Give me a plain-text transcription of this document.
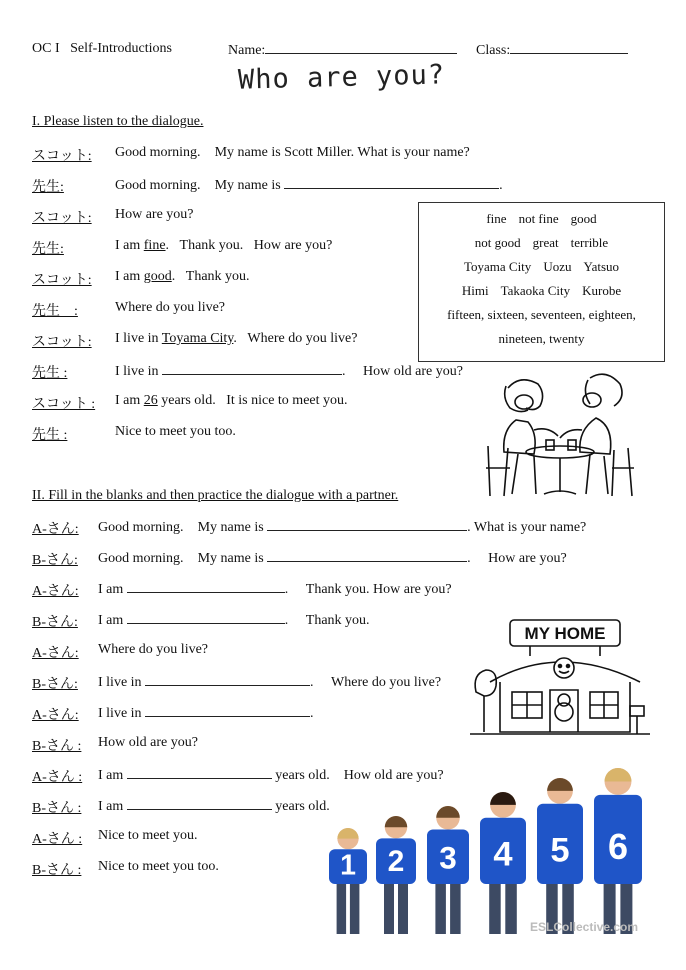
OC I Self-Introductions	Name:	Class:
Who are you?
I. Please listen to the dialogue.
スコット: Good morning. My name is Scott Miller. What is your name?
先生:	Good morning. My name is	.
スコット: How are you?
先生:	I am fine. Thank you. How are you?
スコット: I am good. Thank you.
先生　:	Where do you live?
スコット: I live in Toyama City. Where do you live?
先生 :	I live in	. How old are you?
スコット : I am 26 years old. It is nice to meet you.
先生 :	Nice to meet you too.
fine not fine good
not good great terrible
Toyama City Uozu Yatsuo
Himi Takaoka City Kurobe
fifteen, sixteen, seventeen, eighteen,
nineteen, twenty
II. Fill in the blanks and then practice the dialogue with a partner.
A-さん: Good morning. My name is	. What is your name?
B-さん: Good morning. My name is	. How are you?
A-さん: I am	. Thank you. How are you?
B-さん: I am	. Thank you.
A-さん: Where do you live?
B-さん: I live in	. Where do you live?
A-さん: I live in	.
B-さん : How old are you?
A-さん : I am	years old. How old are you?
B-さん : I am	years old.
A-さん : Nice to meet you.
B-さん : Nice to meet you too.
MY HOME
1 2 3 4 5 6
ESLCollective.com
